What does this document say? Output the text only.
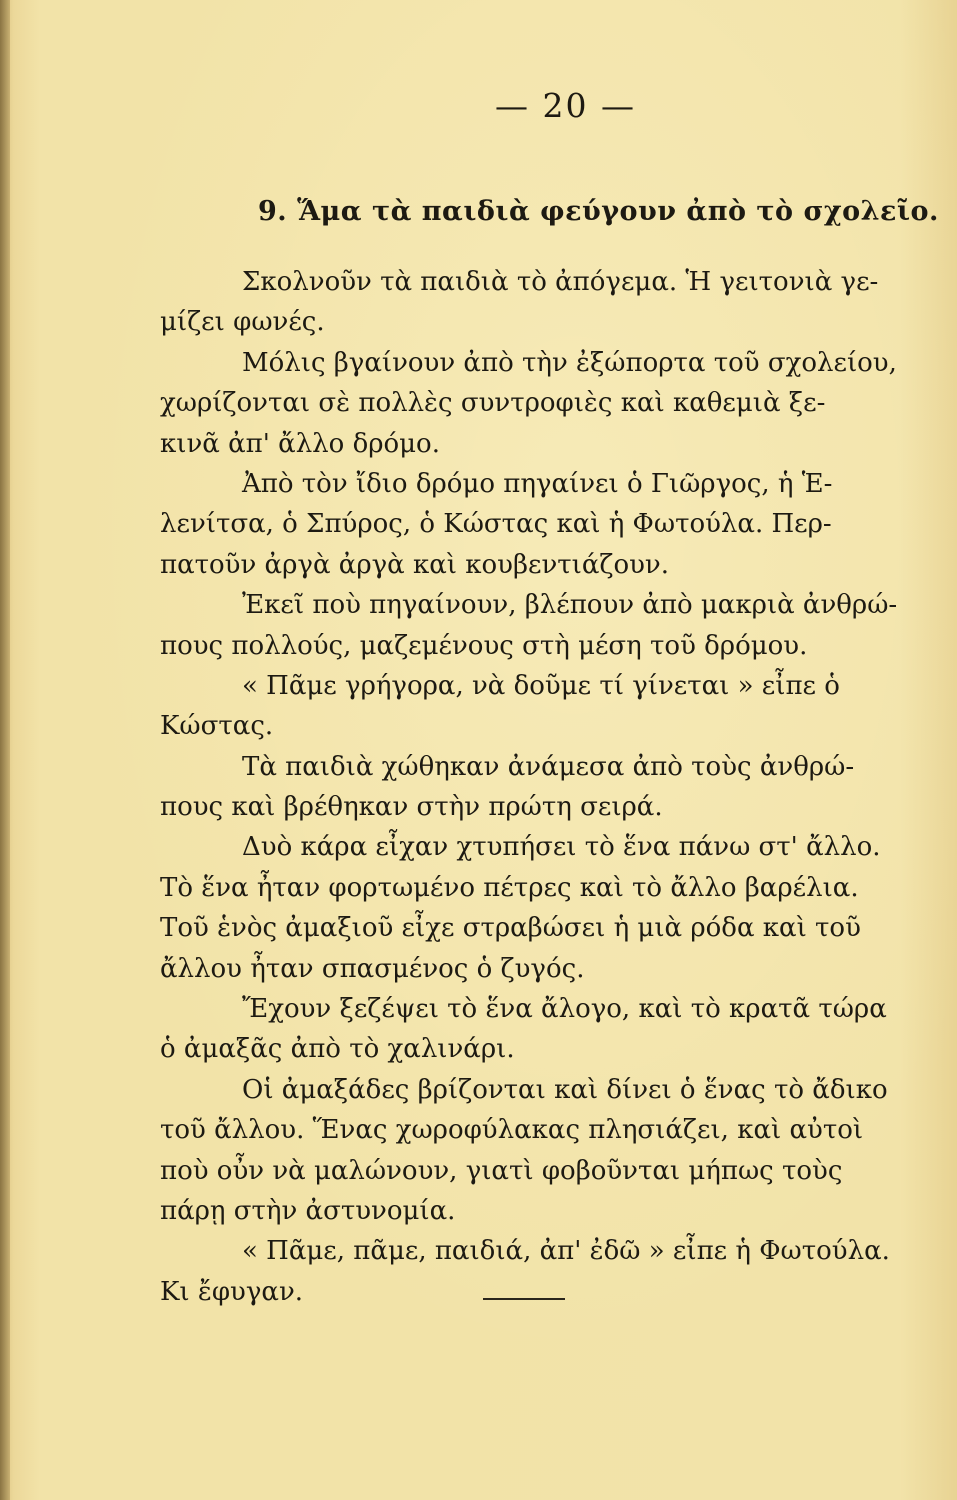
— 20 —
9. Ἅμα τὰ παιδιὰ φεύγουν ἀπὸ τὸ σχολεῖο.
Σκολνοῦν τὰ παιδιὰ τὸ ἀπόγεμα. Ἡ γειτονιὰ γε-
μίζει φωνές.
Μόλις βγαίνουν ἀπὸ τὴν ἐξώπορτα τοῦ σχολείου,
χωρίζονται σὲ πολλὲς συντροφιὲς καὶ καθεμιὰ ξε-
κινᾶ ἀπ' ἄλλο δρόμο.
Ἀπὸ τὸν ἴδιο δρόμο πηγαίνει ὁ Γιῶργος, ἡ Ἑ-
λενίτσα, ὁ Σπύρος, ὁ Κώστας καὶ ἡ Φωτούλα. Περ-
πατοῦν ἀργὰ ἀργὰ καὶ κουβεντιάζουν.
Ἐκεῖ ποὺ πηγαίνουν, βλέπουν ἀπὸ μακριὰ ἀνθρώ-
πους πολλούς, μαζεμένους στὴ μέση τοῦ δρόμου.
« Πᾶμε γρήγορα, νὰ δοῦμε τί γίνεται » εἶπε ὁ
Κώστας.
Τὰ παιδιὰ χώθηκαν ἀνάμεσα ἀπὸ τοὺς ἀνθρώ-
πους καὶ βρέθηκαν στὴν πρώτη σειρά.
Δυὸ κάρα εἶχαν χτυπήσει τὸ ἕνα πάνω στ' ἄλλο.
Τὸ ἕνα ἦταν φορτωμένο πέτρες καὶ τὸ ἄλλο βαρέλια.
Τοῦ ἑνὸς ἀμαξιοῦ εἶχε στραβώσει ἡ μιὰ ρόδα καὶ τοῦ
ἄλλου ἦταν σπασμένος ὁ ζυγός.
Ἔχουν ξεζέψει τὸ ἕνα ἄλογο, καὶ τὸ κρατᾶ τώρα
ὁ ἀμαξᾶς ἀπὸ τὸ χαλινάρι.
Οἱ ἀμαξάδες βρίζονται καὶ δίνει ὁ ἕνας τὸ ἄδικο
τοῦ ἄλλου. Ἕνας χωροφύλακας πλησιάζει, καὶ αὐτοὶ
ποὺ οὖν νὰ μαλώνουν, γιατὶ φοβοῦνται μήπως τοὺς
πάρῃ στὴν ἀστυνομία.
« Πᾶμε, πᾶμε, παιδιά, ἀπ' ἐδῶ » εἶπε ἡ Φωτούλα.
Κι ἔφυγαν.
